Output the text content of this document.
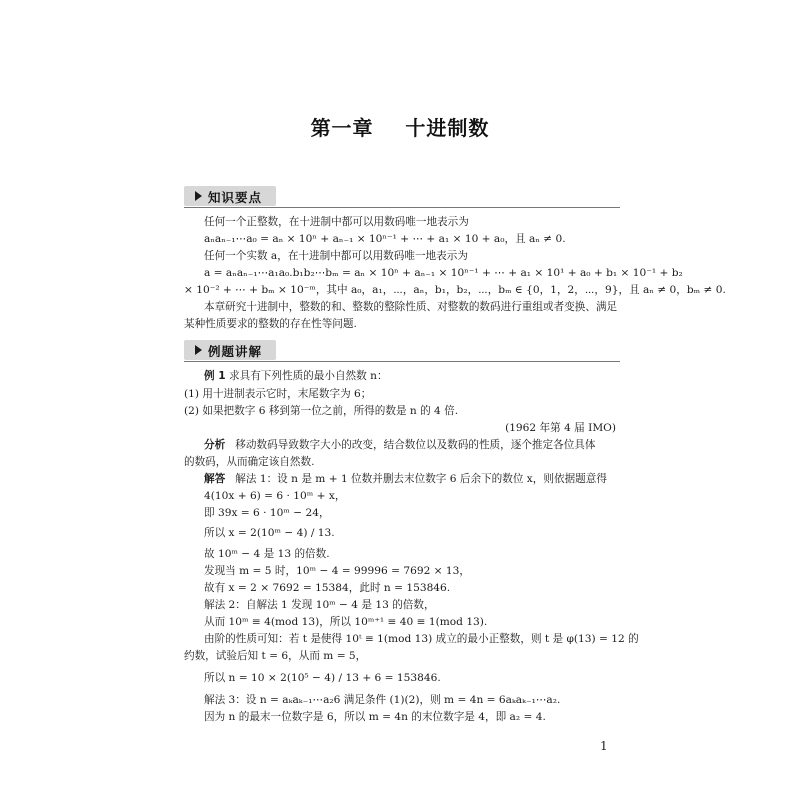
第一章    十进制数
知识要点
任何一个正整数，在十进制中都可以用数码唯一地表示为
aₙaₙ₋₁⋯a₀ = aₙ × 10ⁿ + aₙ₋₁ × 10ⁿ⁻¹ + ⋯ + a₁ × 10 + a₀，且 aₙ ≠ 0.
任何一个实数 a，在十进制中都可以用数码唯一地表示为
a = aₙaₙ₋₁⋯a₁a₀.b₁b₂⋯bₘ = aₙ × 10ⁿ + aₙ₋₁ × 10ⁿ⁻¹ + ⋯ + a₁ × 10¹ + a₀ + b₁ × 10⁻¹ + b₂
× 10⁻² + ⋯ + bₘ × 10⁻ᵐ，其中 a₀，a₁，⋯，aₙ，b₁，b₂，⋯，bₘ ∈ {0，1，2，⋯，9}，且 aₙ ≠ 0，bₘ ≠ 0.
本章研究十进制中，整数的和、整数的整除性质、对整数的数码进行重组或者变换、满足
某种性质要求的整数的存在性等问题.
例题讲解
例 1 求具有下列性质的最小自然数 n：
(1) 用十进制表示它时，末尾数字为 6；
(2) 如果把数字 6 移到第一位之前，所得的数是 n 的 4 倍.
(1962 年第 4 届 IMO)
分析 移动数码导致数字大小的改变，结合数位以及数码的性质，逐个推定各位具体
的数码，从而确定该自然数.
解答 解法 1：设 n 是 m + 1 位数并删去末位数字 6 后余下的数位 x，则依据题意得
4(10x + 6) = 6 · 10ᵐ + x，
即 39x = 6 · 10ᵐ − 24，
所以 x = 2(10ᵐ − 4) / 13.
故 10ᵐ − 4 是 13 的倍数.
发现当 m = 5 时，10ᵐ − 4 = 99996 = 7692 × 13，
故有 x = 2 × 7692 = 15384，此时 n = 153846.
解法 2：自解法 1 发现 10ᵐ − 4 是 13 的倍数，
从而 10ᵐ ≡ 4(mod 13)，所以 10ᵐ⁺¹ ≡ 40 ≡ 1(mod 13).
由阶的性质可知：若 t 是使得 10ᵗ ≡ 1(mod 13) 成立的最小正整数，则 t 是 φ(13) = 12 的
约数，试验后知 t = 6，从而 m = 5，
所以 n = 10 × 2(10⁵ − 4) / 13 + 6 = 153846.
解法 3：设 n = aₖaₖ₋₁⋯a₂6 满足条件 (1)(2)，则 m = 4n = 6aₖaₖ₋₁⋯a₂.
因为 n 的最末一位数字是 6，所以 m = 4n 的末位数字是 4，即 a₂ = 4.
1
